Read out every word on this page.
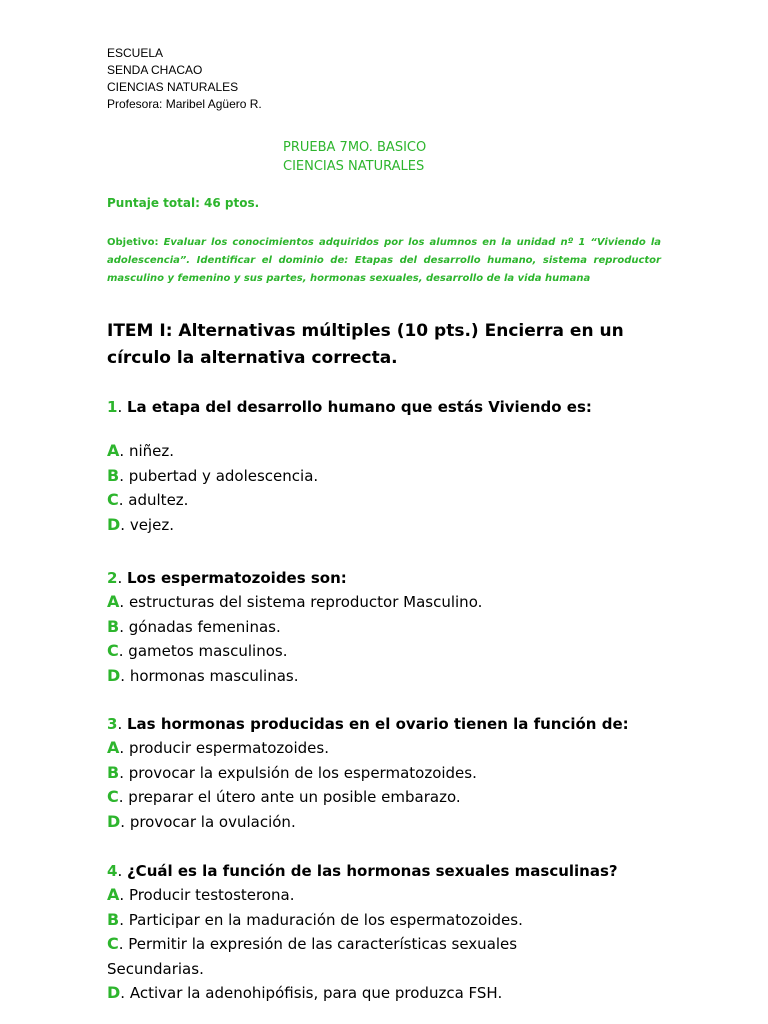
ESCUELA
SENDA CHACAO
CIENCIAS NATURALES
Profesora: Maribel Agüero R.
PRUEBA 7MO. BASICO
CIENCIAS NATURALES
Puntaje total: 46 ptos.
Objetivo: Evaluar los conocimientos adquiridos por los alumnos en la unidad nº 1 “Viviendo la adolescencia”. Identificar el dominio de: Etapas del desarrollo humano, sistema reproductor masculino y femenino y sus partes, hormonas sexuales, desarrollo de la vida humana
ITEM I: Alternativas múltiples (10 pts.) Encierra en un círculo la alternativa correcta.
1. La etapa del desarrollo humano que estás Viviendo es:
A. niñez.
B. pubertad y adolescencia.
C. adultez.
D. vejez.
2. Los espermatozoides son:
A. estructuras del sistema reproductor Masculino.
B. gónadas femeninas.
C. gametos masculinos.
D. hormonas masculinas.
3. Las hormonas producidas en el ovario tienen la función de:
A. producir espermatozoides.
B. provocar la expulsión de los espermatozoides.
C. preparar el útero ante un posible embarazo.
D. provocar la ovulación.
4. ¿Cuál es la función de las hormonas sexuales masculinas?
A. Producir testosterona.
B. Participar en la maduración de los espermatozoides.
C. Permitir la expresión de las características sexuales
Secundarias.
D. Activar la adenohipófisis, para que produzca FSH.
